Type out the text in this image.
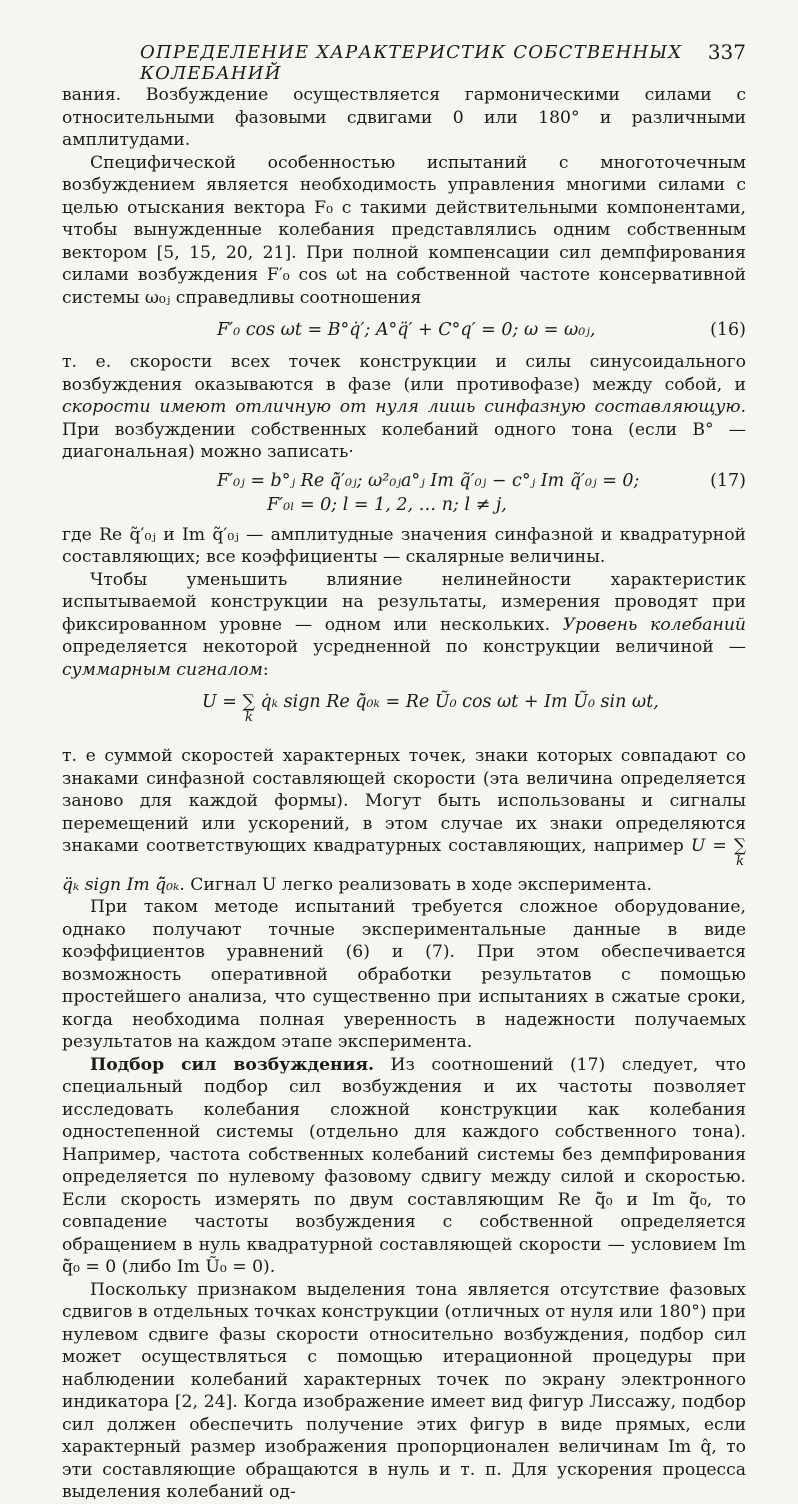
ОПРЕДЕЛЕНИЕ ХАРАКТЕРИСТИК СОБСТВЕННЫХ КОЛЕБАНИЙ
337

вания. Возбуждение осуществляется гармоническими силами с относительными фазовыми сдвигами 0 или 180° и различными амплитудами.

Специфической особенностью испытаний с многоточечным возбуждением является необходимость управления многими силами с целью отыскания вектора F₀ с такими действительными компонентами, чтобы вынужденные колебания представлялись одним собственным вектором [5, 15, 20, 21]. При полной компенсации сил демпфирования силами возбуждения F′₀ cos ωt на собственной частоте консервативной системы ω₀ⱼ справедливы соотношения

F′₀ cos ωt = B°q̇′; A°q̈′ + C°q′ = 0; ω = ω₀ⱼ,	(16)

т. е. скорости всех точек конструкции и силы синусоидального возбуждения оказываются в фазе (или противофазе) между собой, и скорости имеют отличную от нуля лишь синфазную составляющую. При возбуждении собственных колебаний одного тона (если B° — диагональная) можно записать·

F′₀ⱼ = b°ⱼ Re q̃̇′₀ⱼ; ω²₀ⱼa°ⱼ Im q̃′₀ⱼ − c°ⱼ Im q̃′₀ⱼ = 0;	(17)
F′₀ₗ = 0; l = 1, 2, … n; l ≠ j,

где Re q̃′₀ⱼ и Im q̃′₀ⱼ — амплитудные значения синфазной и квадратурной составляющих; все коэффициенты — скалярные величины.

Чтобы уменьшить влияние нелинейности характеристик испытываемой конструкции на результаты, измерения проводят при фиксированном уровне — одном или нескольких. Уровень колебаний определяется некоторой усредненной по конструкции величиной — суммарным сигналом:

U = ∑k q̇ₖ sign Re q̃̇₀ₖ = Re Ũ₀ cos ωt + Im Ũ₀ sin ωt,

т. е суммой скоростей характерных точек, знаки которых совпадают со знаками синфазной составляющей скорости (эта величина определяется заново для каждой формы). Могут быть использованы и сигналы перемещений или ускорений, в этом случае их знаки определяются знаками соответствующих квадратурных составляющих, например U = ∑k q̈ₖ sign Im q̃̈₀ₖ. Сигнал U легко реализовать в ходе эксперимента.

При таком методе испытаний требуется сложное оборудование, однако получают точные экспериментальные данные в виде коэффициентов уравнений (6) и (7). При этом обеспечивается возможность оперативной обработки результатов с помощью простейшего анализа, что существенно при испытаниях в сжатые сроки, когда необходима полная уверенность в надежности получаемых результатов на каждом этапе эксперимента.

Подбор сил возбуждения. Из соотношений (17) следует, что специальный подбор сил возбуждения и их частоты позволяет исследовать колебания сложной конструкции как колебания одностепенной системы (отдельно для каждого собственного тона). Например, частота собственных колебаний системы без демпфирования определяется по нулевому фазовому сдвигу между силой и скоростью. Если скорость измерять по двум составляющим Re q̃̇₀ и Im q̃̇₀, то совпадение частоты возбуждения с собственной определяется обращением в нуль квадратурной составляющей скорости — условием Im q̃̇₀ = 0 (либо Im Ũ₀ = 0).

Поскольку признаком выделения тона является отсутствие фазовых сдвигов в отдельных точках конструкции (отличных от нуля или 180°) при нулевом сдвиге фазы скорости относительно возбуждения, подбор сил может осуществляться с помощью итерационной процедуры при наблюдении колебаний характерных точек по экрану электронного индикатора [2, 24]. Когда изображение имеет вид фигур Лиссажу, подбор сил должен обеспечить получение этих фигур в виде прямых, если характерный размер изображения пропорционален величинам Im q̂, то эти составляющие обращаются в нуль и т. п. Для ускорения процесса выделения колебаний од-
